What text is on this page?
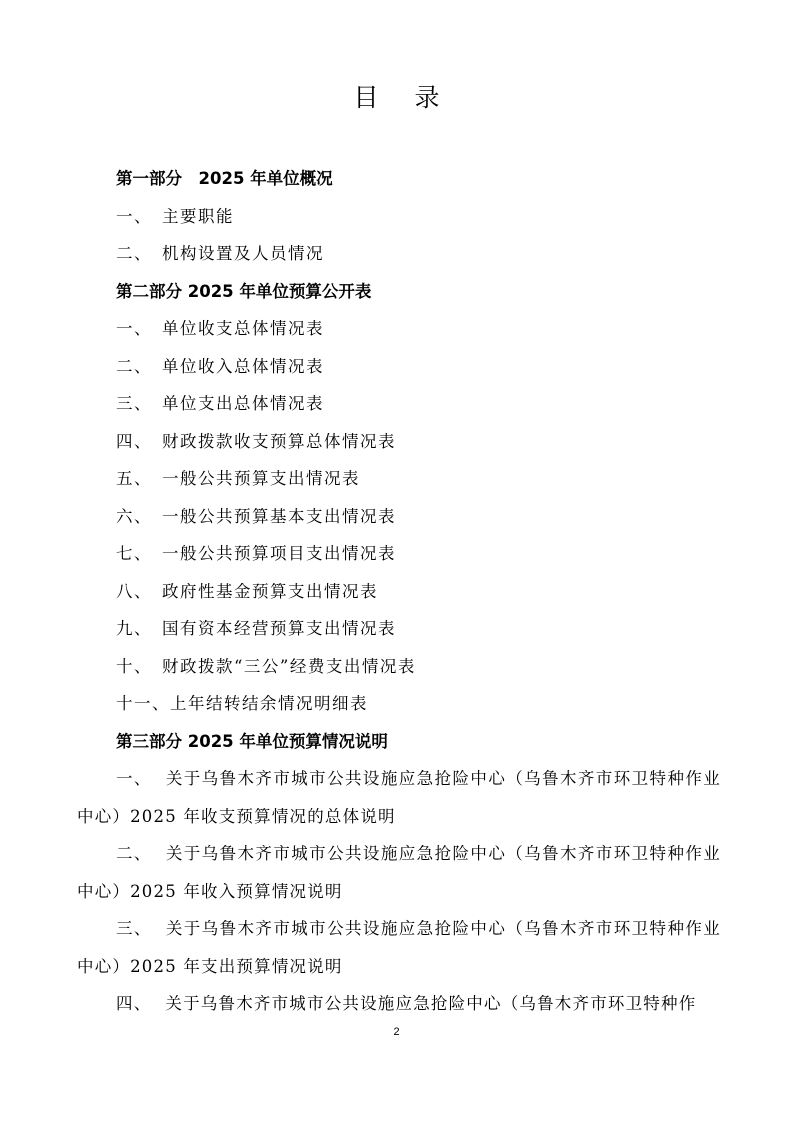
目 录
第一部分　2025 年单位概况
一、 主要职能
二、 机构设置及人员情况
第二部分 2025 年单位预算公开表
一、 单位收支总体情况表
二、 单位收入总体情况表
三、 单位支出总体情况表
四、 财政拨款收支预算总体情况表
五、 一般公共预算支出情况表
六、 一般公共预算基本支出情况表
七、 一般公共预算项目支出情况表
八、 政府性基金预算支出情况表
九、 国有资本经营预算支出情况表
十、 财政拨款“三公”经费支出情况表
十一、上年结转结余情况明细表
第三部分 2025 年单位预算情况说明
一、 关于乌鲁木齐市城市公共设施应急抢险中心（乌鲁木齐市环卫特种作业中心）2025 年收支预算情况的总体说明
二、 关于乌鲁木齐市城市公共设施应急抢险中心（乌鲁木齐市环卫特种作业中心）2025 年收入预算情况说明
三、 关于乌鲁木齐市城市公共设施应急抢险中心（乌鲁木齐市环卫特种作业中心）2025 年支出预算情况说明
四、 关于乌鲁木齐市城市公共设施应急抢险中心（乌鲁木齐市环卫特种作
2
